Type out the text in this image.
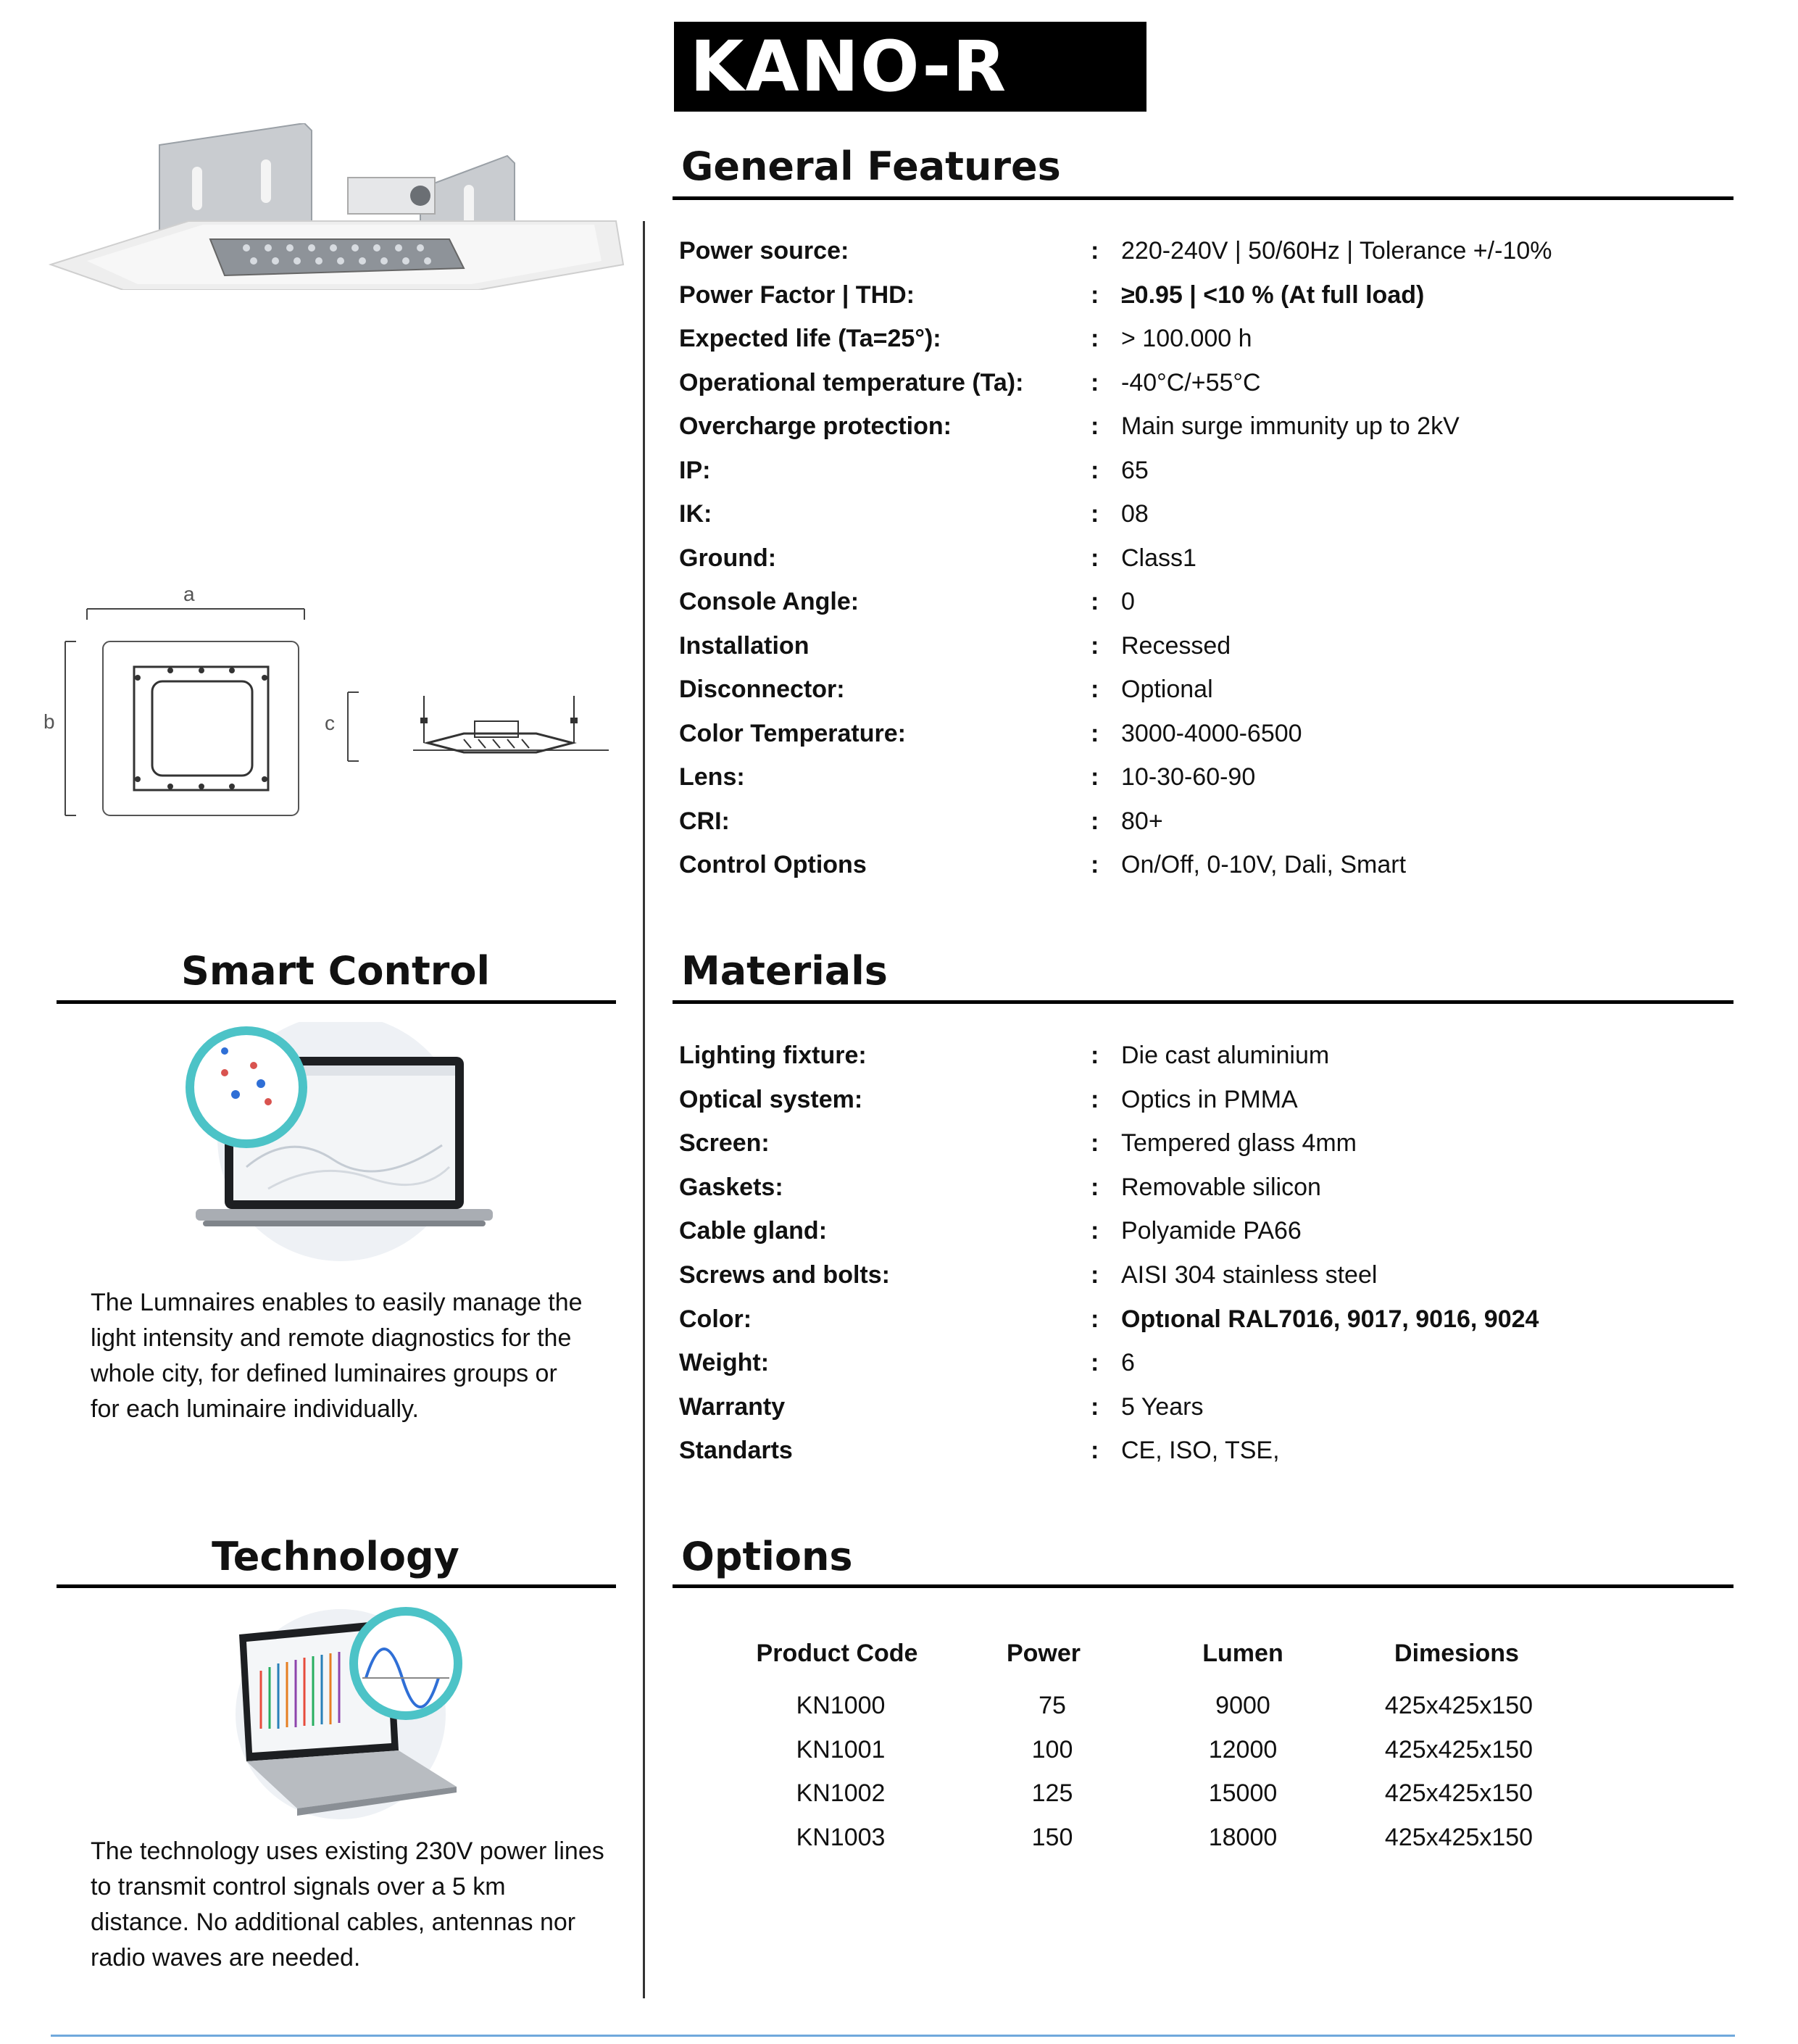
KANO-R
a
b	c
General Features
Power source:	: 220-240V | 50/60Hz | Tolerance +/-10%
Power Factor | THD:	: ≥0.95 | <10 % (At full load)
Expected life (Ta=25°):	: > 100.000 h
Operational temperature (Ta):	: -40°C/+55°C
Overcharge protection:	: Main surge immunity up to 2kV
IP:	: 65
IK:	: 08
Ground:	: Class1
Console Angle:	: 0
Installation	: Recessed
Disconnector:	: Optional
Color Temperature:	: 3000-4000-6500
Lens:	: 10-30-60-90
CRI:	: 80+
Control Options	: On/Off, 0-10V, Dali, Smart
Smart Control
The Lumnaires enables to easily manage the
light intensity and remote diagnostics for the
whole city, for defined luminaires groups or
for each luminaire individually.
Technology
The technology uses existing 230V power lines
to transmit control signals over a 5 km
distance. No additional cables, antennas nor
radio waves are needed.
Materials
Lighting fixture:	: Die cast aluminium
Optical system:	: Optics in PMMA
Screen:	: Tempered glass 4mm
Gaskets:	: Removable silicon
Cable gland:	: Polyamide PA66
Screws and bolts:	: AISI 304 stainless steel
Color:	: Optıonal RAL7016, 9017, 9016, 9024
Weight:	: 6
Warranty	: 5 Years
Standarts	: CE, ISO, TSE,
Options
Product Code	Power	Lumen	Dimesions
KN1000	75	9000	425x425x150
KN1001	100	12000	425x425x150
KN1002	125	15000	425x425x150
KN1003	150	18000	425x425x150
